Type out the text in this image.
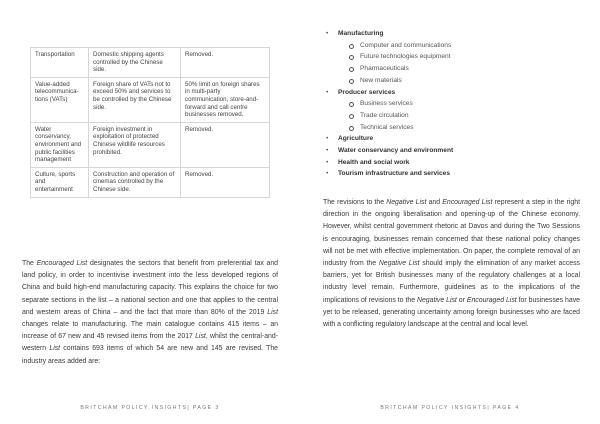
Transportation	Domestic shipping agents controlled by the Chinese side.	Removed.
Value-added telecommunica-tions (VATs)	Foreign share of VATs not to exceed 50% and services to be controlled by the Chinese side.	50% limit on foreign shares in multi-party communication, store-and-forward and call centre businesses removed.
Water conservancy, environment and public facilities management	Foreign investment in exploitation of protected Chinese wildlife resources prohibited.	Removed.
Culture, sports and entertainment	Construction and operation of cinemas controlled by the Chinese side.	Removed.

The Encouraged List designates the sectors that benefit from preferential tax and land policy, in order to incentivise investment into the less developed regions of China and build high-end manufacturing capacity. This explains the choice for two separate sections in the list – a national section and one that applies to the central and western areas of China – and the fact that more than 80% of the 2019 List changes relate to manufacturing. The main catalogue contains 415 items – an increase of 67 new and 45 revised items from the 2017 List, whilst the central-and-western List contains 693 items of which 54 are new and 145 are revised. The industry areas added are:

BRITCHAM POLICY INSIGHTS| PAGE 3
• Manufacturing
Computer and communications
Future technologies equipment
Pharmaceuticals
New materials
• Producer services
Business services
Trade circulation
Technical services
• Agriculture
• Water conservancy and environment
• Health and social work
• Tourism infrastructure and services

The revisions to the Negative List and Encouraged List represent a step in the right direction in the ongoing liberalisation and opening-up of the Chinese economy. However, whilst central government rhetoric at Davos and during the Two Sessions is encouraging, businesses remain concerned that these national policy changes will not be met with effective implementation. On paper, the complete removal of an industry from the Negative List should imply the elimination of any market access barriers, yet for British businesses many of the regulatory challenges at a local industry level remain. Furthermore, guidelines as to the implications of the implications of revisions to the Negative List or Encouraged List for businesses have yet to be released, generating uncertainty among foreign businesses who are faced with a conflicting regulatory landscape at the central and local level.

BRITCHAM POLICY INSIGHTS| PAGE 4
